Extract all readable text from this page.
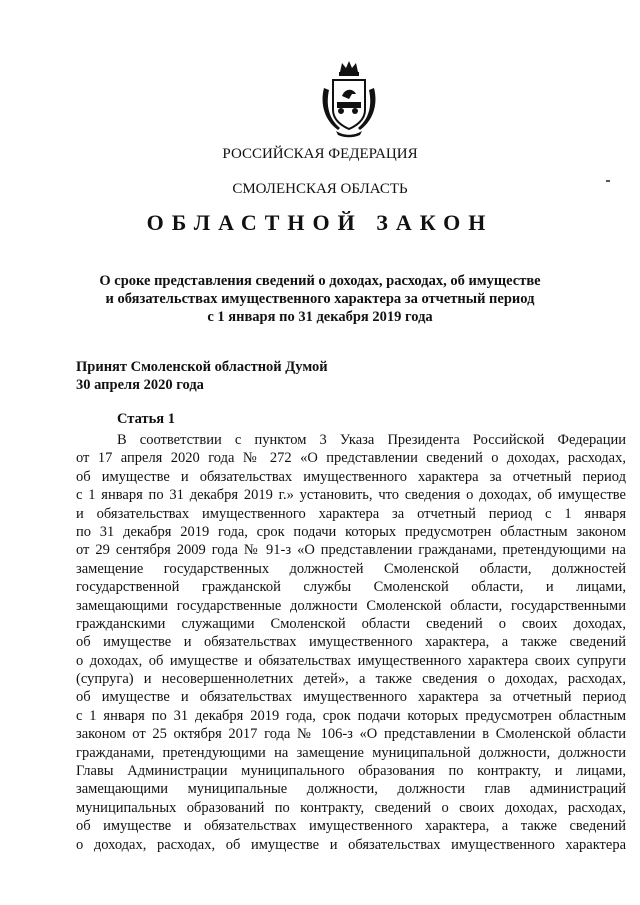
РОССИЙСКАЯ ФЕДЕРАЦИЯ
СМОЛЕНСКАЯ ОБЛАСТЬ
ОБЛАСТНОЙ ЗАКОН
О сроке представления сведений о доходах, расходах, об имуществе
и обязательствах имущественного характера за отчетный период
с 1 января по 31 декабря 2019 года
Принят Смоленской областной Думой
30 апреля 2020 года
Статья 1
В соответствии с пунктом 3 Указа Президента Российской Федерации
от 17 апреля 2020 года № 272 «О представлении сведений о доходах, расходах,
об имуществе и обязательствах имущественного характера за отчетный период
с 1 января по 31 декабря 2019 г.» установить, что сведения о доходах, об имуществе
и обязательствах имущественного характера за отчетный период с 1 января
по 31 декабря 2019 года, срок подачи которых предусмотрен областным законом
от 29 сентября 2009 года № 91-з «О представлении гражданами, претендующими на
замещение государственных должностей Смоленской области, должностей
государственной гражданской службы Смоленской области, и лицами,
замещающими государственные должности Смоленской области, государственными
гражданскими служащими Смоленской области сведений о своих доходах,
об имуществе и обязательствах имущественного характера, а также сведений
о доходах, об имуществе и обязательствах имущественного характера своих супруги
(супруга) и несовершеннолетних детей», а также сведения о доходах, расходах,
об имуществе и обязательствах имущественного характера за отчетный период
с 1 января по 31 декабря 2019 года, срок подачи которых предусмотрен областным
законом от 25 октября 2017 года № 106-з «О представлении в Смоленской области
гражданами, претендующими на замещение муниципальной должности, должности
Главы Администрации муниципального образования по контракту, и лицами,
замещающими муниципальные должности, должности глав администраций
муниципальных образований по контракту, сведений о своих доходах, расходах,
об имуществе и обязательствах имущественного характера, а также сведений
о доходах, расходах, об имуществе и обязательствах имущественного характера
